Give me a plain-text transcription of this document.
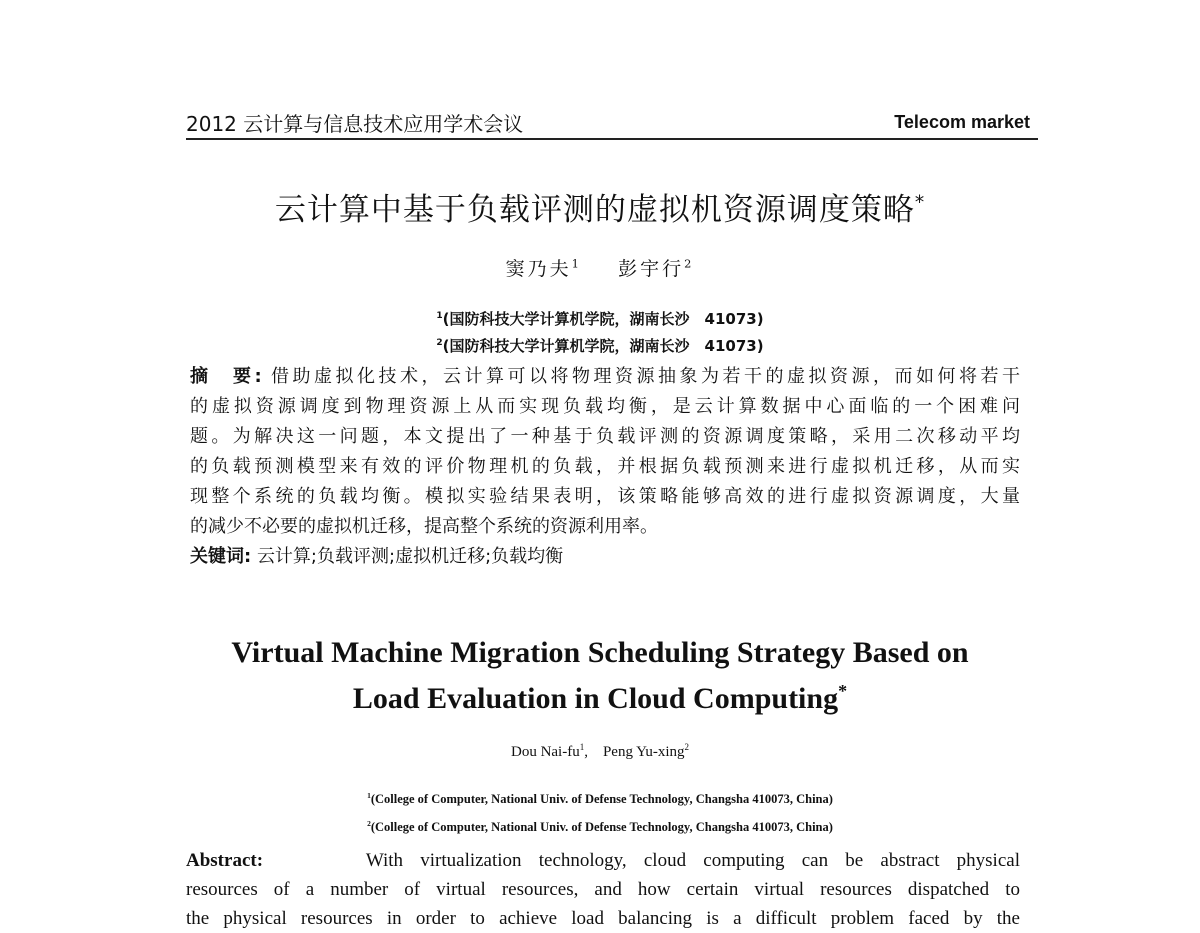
2012 云计算与信息技术应用学术会议	Telecom market
云计算中基于负载评测的虚拟机资源调度策略*
窦乃夫$^1$ 彭宇行$^2$
$^1$(国防科技大学计算机学院，湖南长沙　41073)
$^2$(国防科技大学计算机学院，湖南长沙　41073)
摘　要: 借助虚拟化技术，云计算可以将物理资源抽象为若干的虚拟资源，而如何将若干
的虚拟资源调度到物理资源上从而实现负载均衡，是云计算数据中心面临的一个困难问
题。为解决这一问题，本文提出了一种基于负载评测的资源调度策略，采用二次移动平均
的负载预测模型来有效的评价物理机的负载，并根据负载预测来进行虚拟机迁移，从而实
现整个系统的负载均衡。模拟实验结果表明，该策略能够高效的进行虚拟资源调度，大量
的减少不必要的虚拟机迁移，提高整个系统的资源利用率。
关键词: 云计算;负载评测;虚拟机迁移;负载均衡
Virtual Machine Migration Scheduling Strategy Based on
Load Evaluation in Cloud Computing*
Dou Nai-$fu^1$,    Peng Yu-xing$^2$
$^1$(College of Computer, National Univ. of Defense Technology, Changsha 410073, China)
$^2$(College of Computer, National Univ. of Defense Technology, Changsha 410073, China)
Abstract:	With virtualization technology, cloud computing can be abstract physical
resources of a number of virtual resources, and how certain virtual resources dispatched to
the physical resources in order to achieve load balancing is a difficult problem faced by the
